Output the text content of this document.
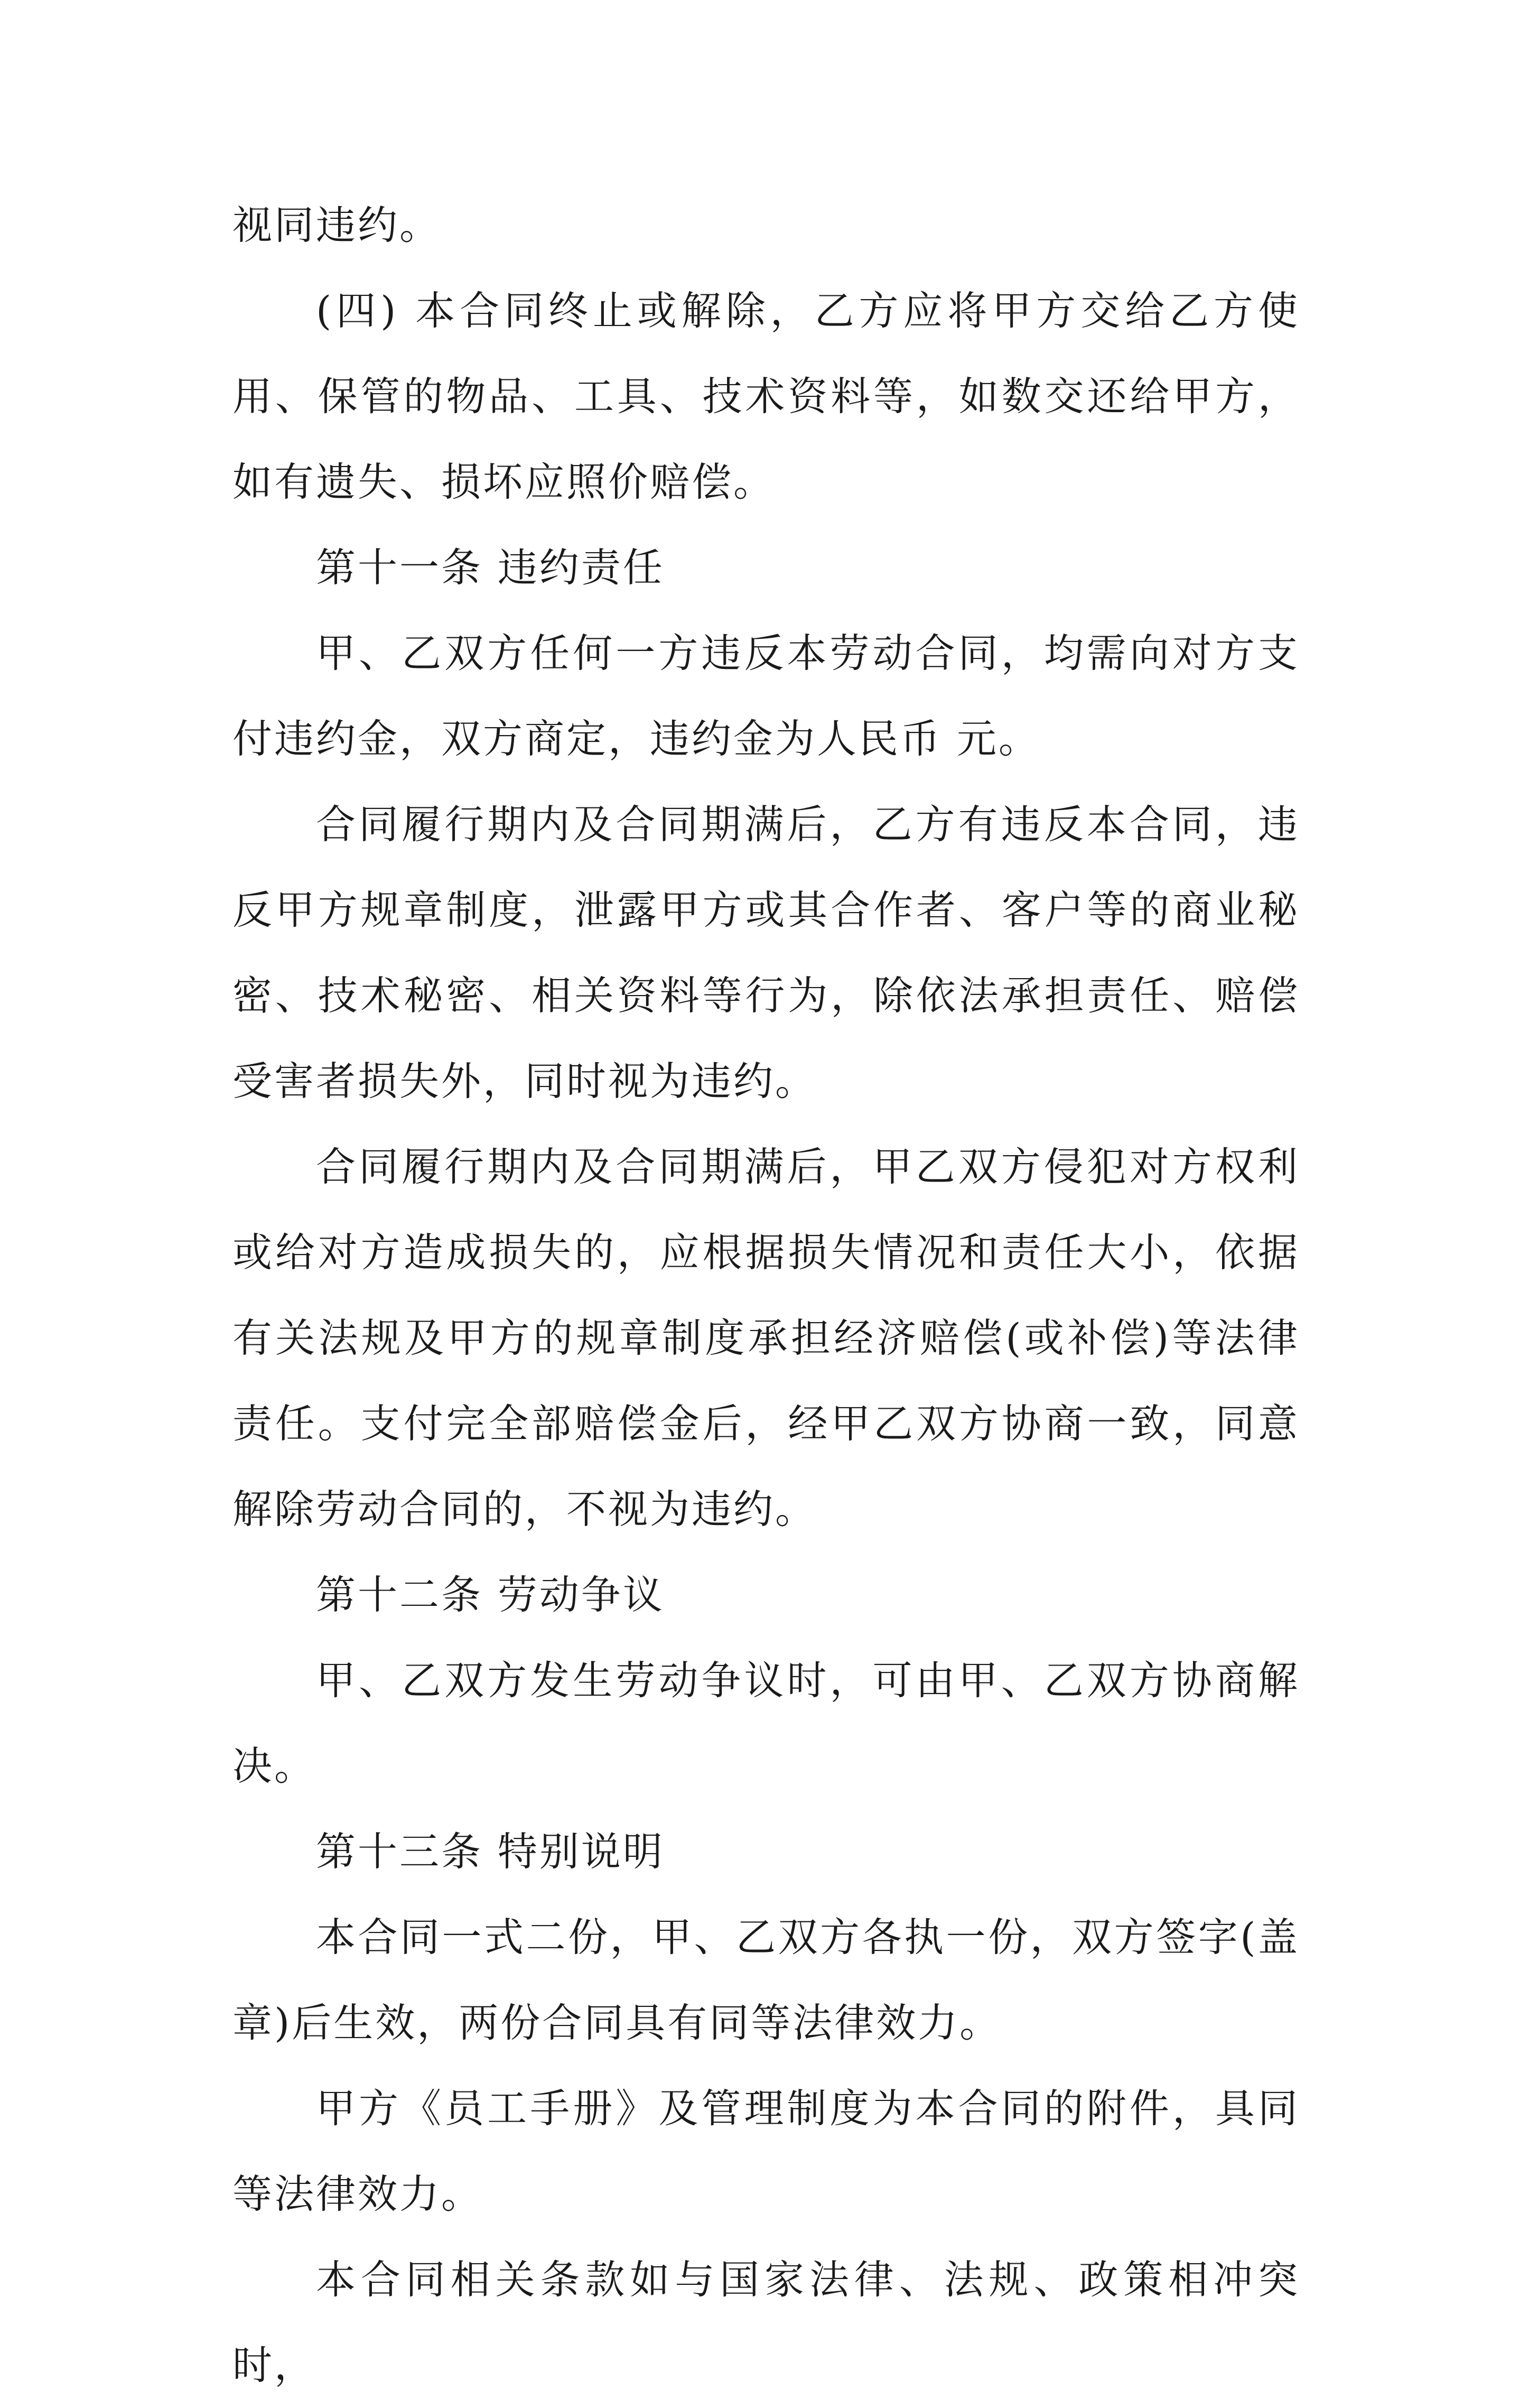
视同违约。

(四) 本合同终止或解除，乙方应将甲方交给乙方使用、保管的物品、工具、技术资料等，如数交还给甲方，如有遗失、损坏应照价赔偿。

第十一条 违约责任

甲、乙双方任何一方违反本劳动合同，均需向对方支付违约金，双方商定，违约金为人民币 元。

合同履行期内及合同期满后，乙方有违反本合同，违反甲方规章制度，泄露甲方或其合作者、客户等的商业秘密、技术秘密、相关资料等行为，除依法承担责任、赔偿受害者损失外，同时视为违约。

合同履行期内及合同期满后，甲乙双方侵犯对方权利或给对方造成损失的，应根据损失情况和责任大小，依据有关法规及甲方的规章制度承担经济赔偿(或补偿)等法律责任。支付完全部赔偿金后，经甲乙双方协商一致，同意解除劳动合同的，不视为违约。

第十二条 劳动争议

甲、乙双方发生劳动争议时，可由甲、乙双方协商解决。

第十三条 特别说明

本合同一式二份，甲、乙双方各执一份，双方签字(盖章)后生效，两份合同具有同等法律效力。

甲方《员工手册》及管理制度为本合同的附件，具同等法律效力。

本合同相关条款如与国家法律、法规、政策相冲突时，
